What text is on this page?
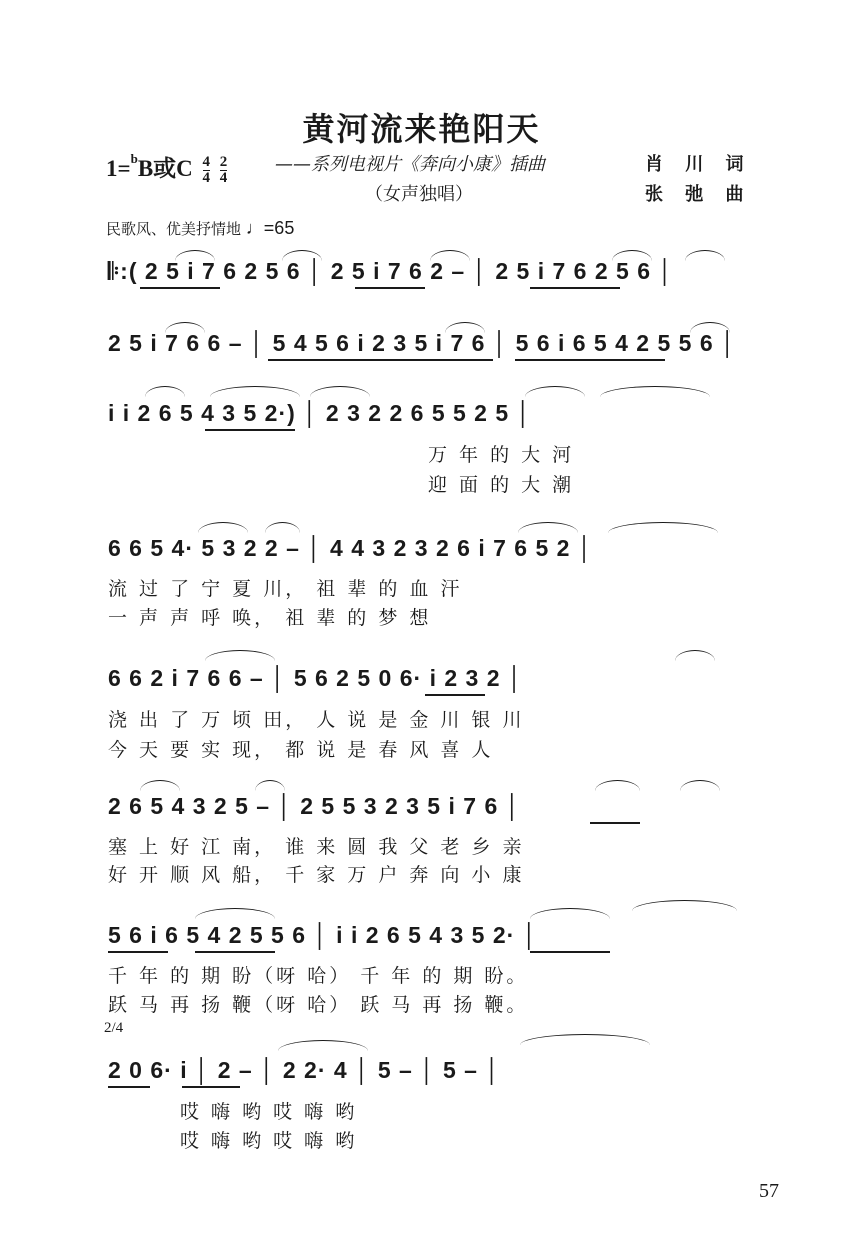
黄河流来艳阳天
1=$^b$B或C $\frac{4}{4}$
$\frac{2}{4}$	——系列电视片《奔向小康》插曲
（女声独唱）
肖 川 词
张 弛 曲
民歌风、优美抒情地 ♩=65
𝄆:( 2 5 i 7 6 2 5 6 │ 2 5 i 7 6 2 – │ 2 5 i 7 6 2 5 6 │
2 5 i 7 6 6 – │ 5 4 5 6 i 2 3 5 i 7 6 │ 5 6 i 6 5 4 2 5 5 6 │
i i 2 6 5 4 3 5 2·) │ 2 3 2 2 6 5 5 2 5 │
万 年 的 大 河
迎 面 的 大 潮
6 6 5 4· 5 3 2 2 – │ 4 4 3 2 3 2 6 i 7 6 5 2 │
流 过 了 宁 夏 川， 祖 辈 的 血 汗
一 声 声 呼 唤， 祖 辈 的 梦 想
6 6 2 i 7 6 6 – │ 5 6 2 5 0 6· i 2 3 2 │
浇 出 了 万 顷 田， 人 说 是 金 川 银 川
今 天 要 实 现， 都 说 是 春 风 喜 人
2 6 5 4 3 2 5 – │ 2 5 5 3 2 3 5 i 7 6 │
塞 上 好 江 南， 谁 来 圆 我 父 老 乡 亲
好 开 顺 风 船， 千 家 万 户 奔 向 小 康
5 6 i 6 5 4 2 5 5 6 │ i i 2 6 5 4 3 5 2· │
千 年 的 期 盼（呀 哈） 千 年 的 期 盼。
跃 马 再 扬 鞭（呀 哈） 跃 马 再 扬 鞭。
2/4
2 0 6· i │ 2 – │ 2 2· 4 │ 5 – │ 5 – │
哎 嗨 哟 哎 嗨 哟
哎 嗨 哟 哎 嗨 哟
57
